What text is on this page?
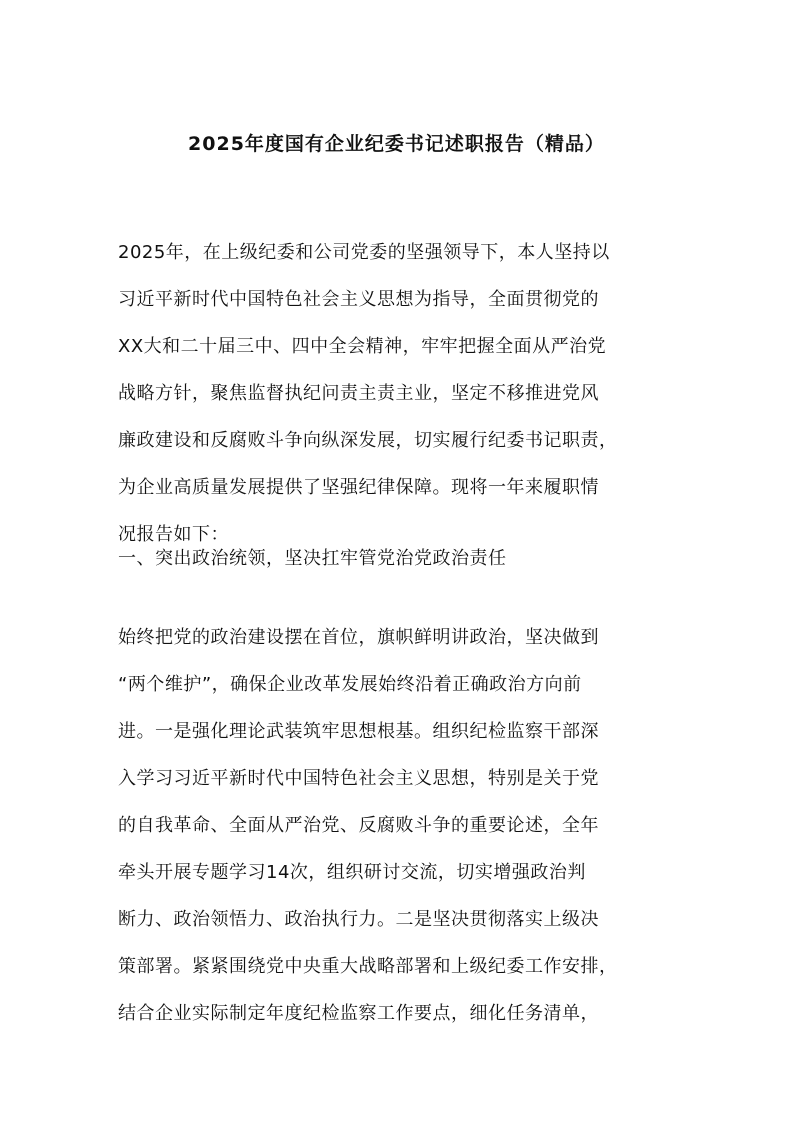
2025年度国有企业纪委书记述职报告（精品）
2025年，在上级纪委和公司党委的坚强领导下，本人坚持以
习近平新时代中国特色社会主义思想为指导，全面贯彻党的
XX大和二十届三中、四中全会精神，牢牢把握全面从严治党
战略方针，聚焦监督执纪问责主责主业，坚定不移推进党风
廉政建设和反腐败斗争向纵深发展，切实履行纪委书记职责，
为企业高质量发展提供了坚强纪律保障。现将一年来履职情
况报告如下：
一、突出政治统领，坚决扛牢管党治党政治责任
始终把党的政治建设摆在首位，旗帜鲜明讲政治，坚决做到
“两个维护”，确保企业改革发展始终沿着正确政治方向前
进。一是强化理论武装筑牢思想根基。组织纪检监察干部深
入学习习近平新时代中国特色社会主义思想，特别是关于党
的自我革命、全面从严治党、反腐败斗争的重要论述，全年
牵头开展专题学习14次，组织研讨交流，切实增强政治判
断力、政治领悟力、政治执行力。二是坚决贯彻落实上级决
策部署。紧紧围绕党中央重大战略部署和上级纪委工作安排，
结合企业实际制定年度纪检监察工作要点，细化任务清单，
